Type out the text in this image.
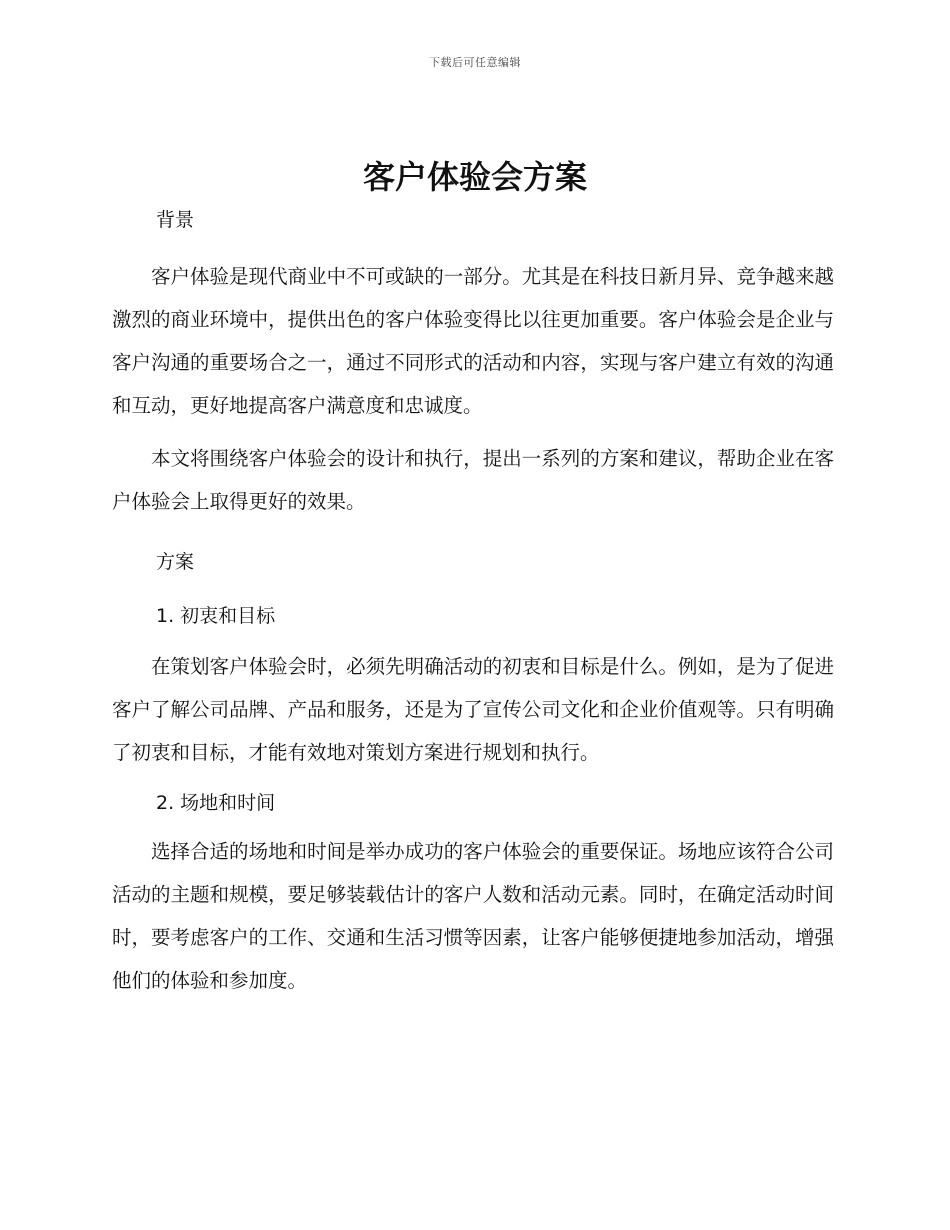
下载后可任意编辑
客户体验会方案

背景

客户体验是现代商业中不可或缺的一部分。尤其是在科技日新月异、竞争越来越激烈的商业环境中，提供出色的客户体验变得比以往更加重要。客户体验会是企业与客户沟通的重要场合之一，通过不同形式的活动和内容，实现与客户建立有效的沟通和互动，更好地提高客户满意度和忠诚度。

本文将围绕客户体验会的设计和执行，提出一系列的方案和建议，帮助企业在客户体验会上取得更好的效果。

方案

1. 初衷和目标

在策划客户体验会时，必须先明确活动的初衷和目标是什么。例如，是为了促进客户了解公司品牌、产品和服务，还是为了宣传公司文化和企业价值观等。只有明确了初衷和目标，才能有效地对策划方案进行规划和执行。

2. 场地和时间

选择合适的场地和时间是举办成功的客户体验会的重要保证。场地应该符合公司活动的主题和规模，要足够装载估计的客户人数和活动元素。同时，在确定活动时间时，要考虑客户的工作、交通和生活习惯等因素，让客户能够便捷地参加活动，增强他们的体验和参加度。
